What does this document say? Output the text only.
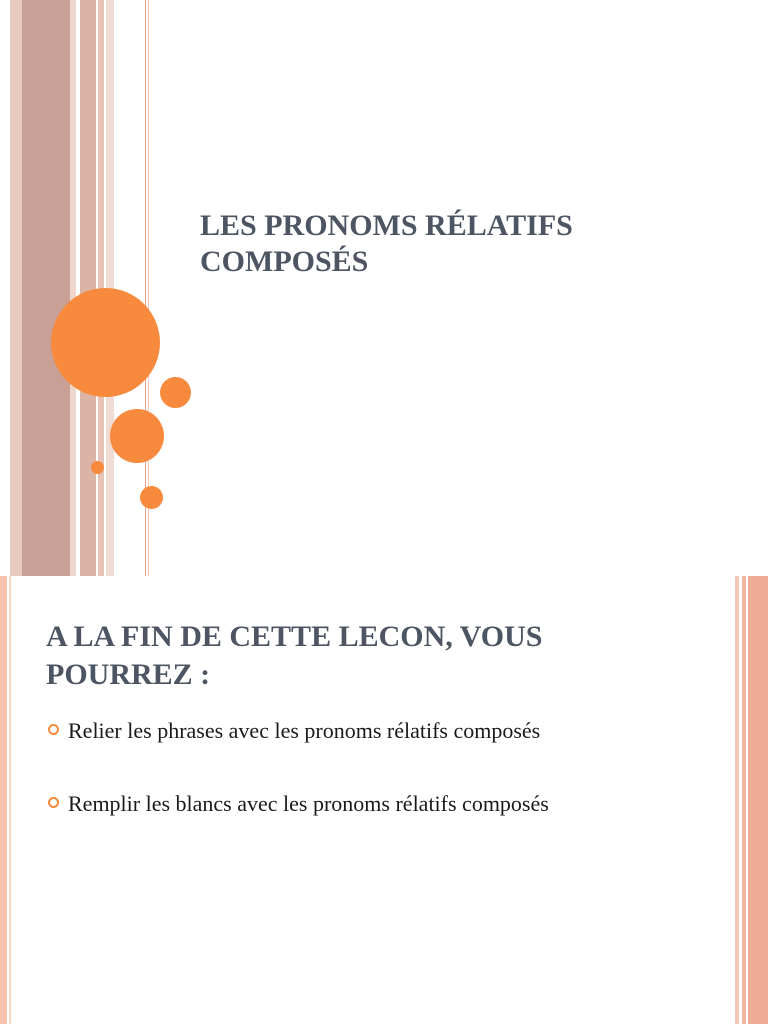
LES PRONOMS RÉLATIFS
COMPOSÉS
A LA FIN DE CETTE LECON, VOUS
POURREZ :
Relier les phrases avec les pronoms rélatifs composés
Remplir les blancs avec les pronoms rélatifs composés
